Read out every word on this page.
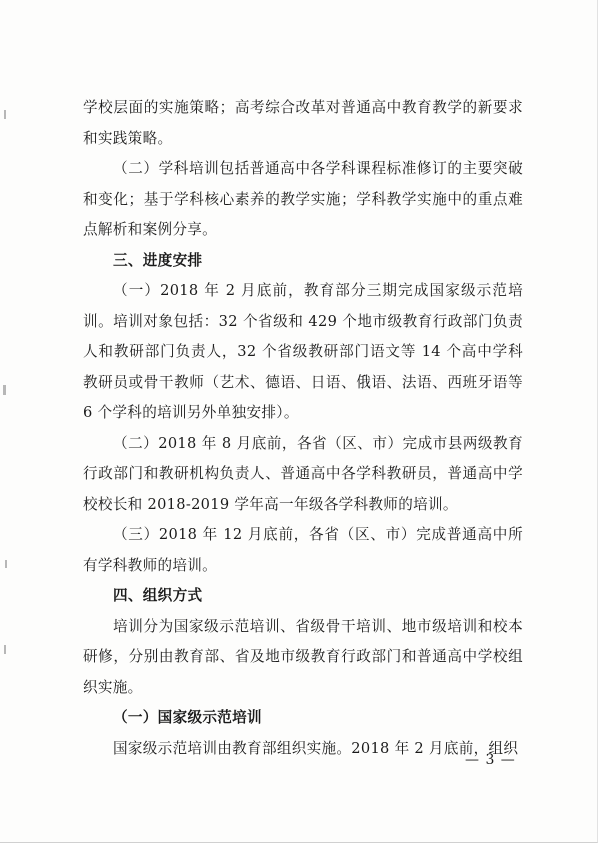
学校层面的实施策略；高考综合改革对普通高中教育教学的新要求和实践策略。

（二）学科培训包括普通高中各学科课程标准修订的主要突破和变化；基于学科核心素养的教学实施；学科教学实施中的重点难点解析和案例分享。

三、进度安排

（一）2018 年 2 月底前，教育部分三期完成国家级示范培训。培训对象包括：32 个省级和 429 个地市级教育行政部门负责人和教研部门负责人，32 个省级教研部门语文等 14 个高中学科教研员或骨干教师（艺术、德语、日语、俄语、法语、西班牙语等 6 个学科的培训另外单独安排）。

（二）2018 年 8 月底前，各省（区、市）完成市县两级教育行政部门和教研机构负责人、普通高中各学科教研员，普通高中学校校长和 2018-2019 学年高一年级各学科教师的培训。

（三）2018 年 12 月底前，各省（区、市）完成普通高中所有学科教师的培训。

四、组织方式

培训分为国家级示范培训、省级骨干培训、地市级培训和校本研修，分别由教育部、省及地市级教育行政部门和普通高中学校组织实施。

（一）国家级示范培训

国家级示范培训由教育部组织实施。2018 年 2 月底前，组织

— 3 —
